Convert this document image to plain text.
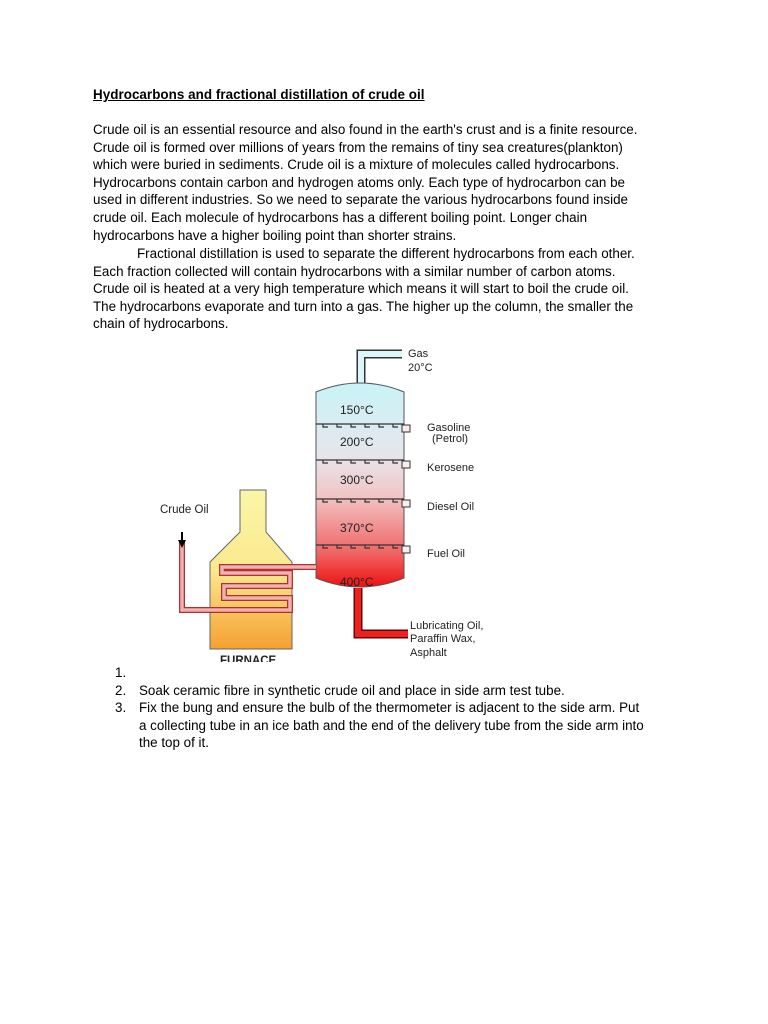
Hydrocarbons and fractional distillation of crude oil
Crude oil is an essential resource and also found in the earth's crust and is a finite resource.
Crude oil is formed over millions of years from the remains of tiny sea creatures(plankton)
which were buried in sediments. Crude oil is a mixture of molecules called hydrocarbons.
Hydrocarbons contain carbon and hydrogen atoms only. Each type of hydrocarbon can be
used in different industries. So we need to separate the various hydrocarbons found inside
crude oil. Each molecule of hydrocarbons has a different boiling point. Longer chain
hydrocarbons have a higher boiling point than shorter strains.
Fractional distillation is used to separate the different hydrocarbons from each other.
Each fraction collected will contain hydrocarbons with a similar number of carbon atoms.
Crude oil is heated at a very high temperature which means it will start to boil the crude oil.
The hydrocarbons evaporate and turn into a gas. The higher up the column, the smaller the
chain of hydrocarbons.
150°C
200°C
300°C
370°C
400°C
Gas
20°C
Gasoline
(Petrol)
Kerosene
Diesel Oil
Fuel Oil
Lubricating Oil,
Paraffin Wax,
Asphalt
Crude Oil
FURNACE
1.

2. Soak ceramic fibre in synthetic crude oil and place in side arm test tube.
3. Fix the bung and ensure the bulb of the thermometer is adjacent to the side arm. Put
a collecting tube in an ice bath and the end of the delivery tube from the side arm into
the top of it.
